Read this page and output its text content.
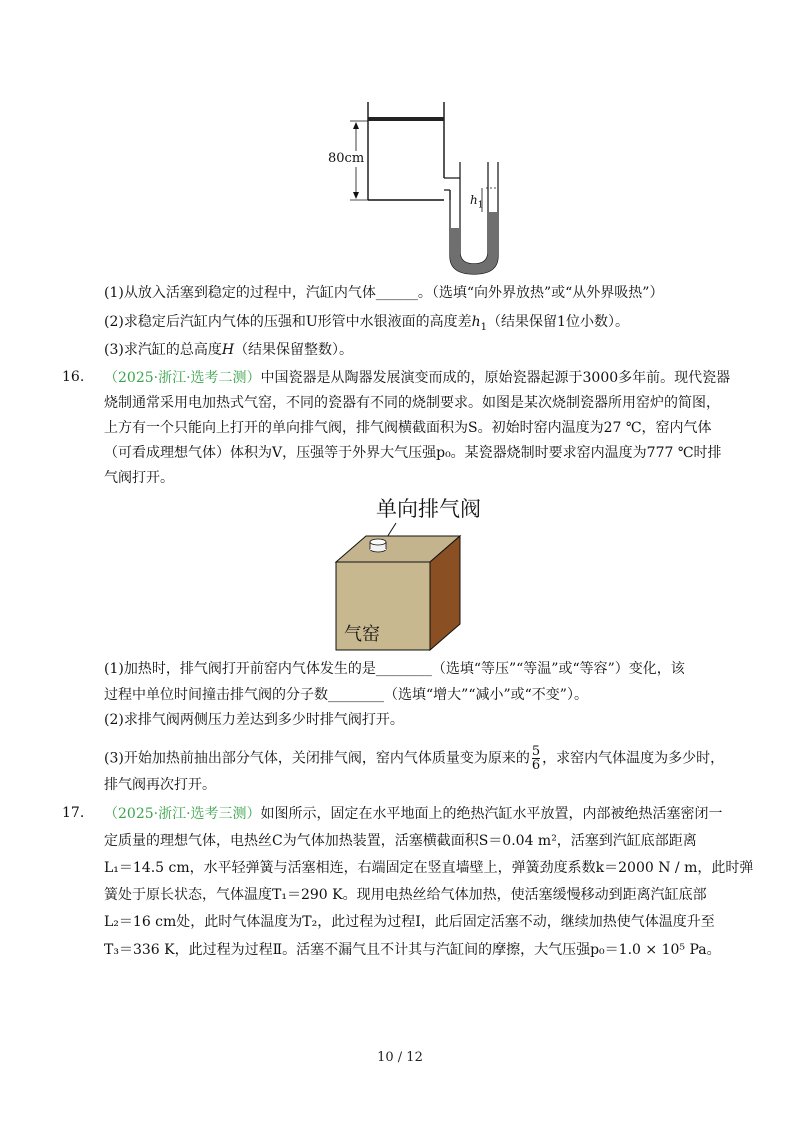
80cm
$h_1$
(1)从放入活塞到稳定的过程中，汽缸内气体______。（选填“向外界放热”或“从外界吸热”）
(2)求稳定后汽缸内气体的压强和U形管中水银液面的高度差$h_1$（结果保留1位小数）。
(3)求汽缸的总高度H（结果保留整数）。
16. （2025·浙江·选考二测）中国瓷器是从陶器发展演变而成的，原始瓷器起源于3000多年前。现代瓷器
烧制通常采用电加热式气窑，不同的瓷器有不同的烧制要求。如图是某次烧制瓷器所用窑炉的简图，
上方有一个只能向上打开的单向排气阀，排气阀横截面积为S。初始时窑内温度为27 ℃，窑内气体
（可看成理想气体）体积为V，压强等于外界大气压强p₀。某瓷器烧制时要求窑内温度为777 ℃时排
气阀打开。
单向排气阀
气窑
(1)加热时，排气阀打开前窑内气体发生的是________（选填“等压”“等温”或“等容”）变化，该
过程中单位时间撞击排气阀的分子数________（选填“增大”“减小”或“不变”）。
(2)求排气阀两侧压力差达到多少时排气阀打开。
(3)开始加热前抽出部分气体，关闭排气阀，窑内气体质量变为原来的 $\frac{5}{6}$ ，求窑内气体温度为多少时，
排气阀再次打开。
17. （2025·浙江·选考三测）如图所示，固定在水平地面上的绝热汽缸水平放置，内部被绝热活塞密闭一
定质量的理想气体，电热丝C为气体加热装置，活塞横截面积S＝0.04 m²，活塞到汽缸底部距离
L₁＝14.5 cm，水平轻弹簧与活塞相连，右端固定在竖直墙壁上，弹簧劲度系数k＝2000 N / m，此时弹
簧处于原长状态，气体温度T₁＝290 K。现用电热丝给气体加热，使活塞缓慢移动到距离汽缸底部
L₂＝16 cm处，此时气体温度为T₂，此过程为过程Ⅰ，此后固定活塞不动，继续加热使气体温度升至
T₃＝336 K，此过程为过程Ⅱ。活塞不漏气且不计其与汽缸间的摩擦，大气压强p₀＝1.0 × 10⁵ Pa。
10 / 12
